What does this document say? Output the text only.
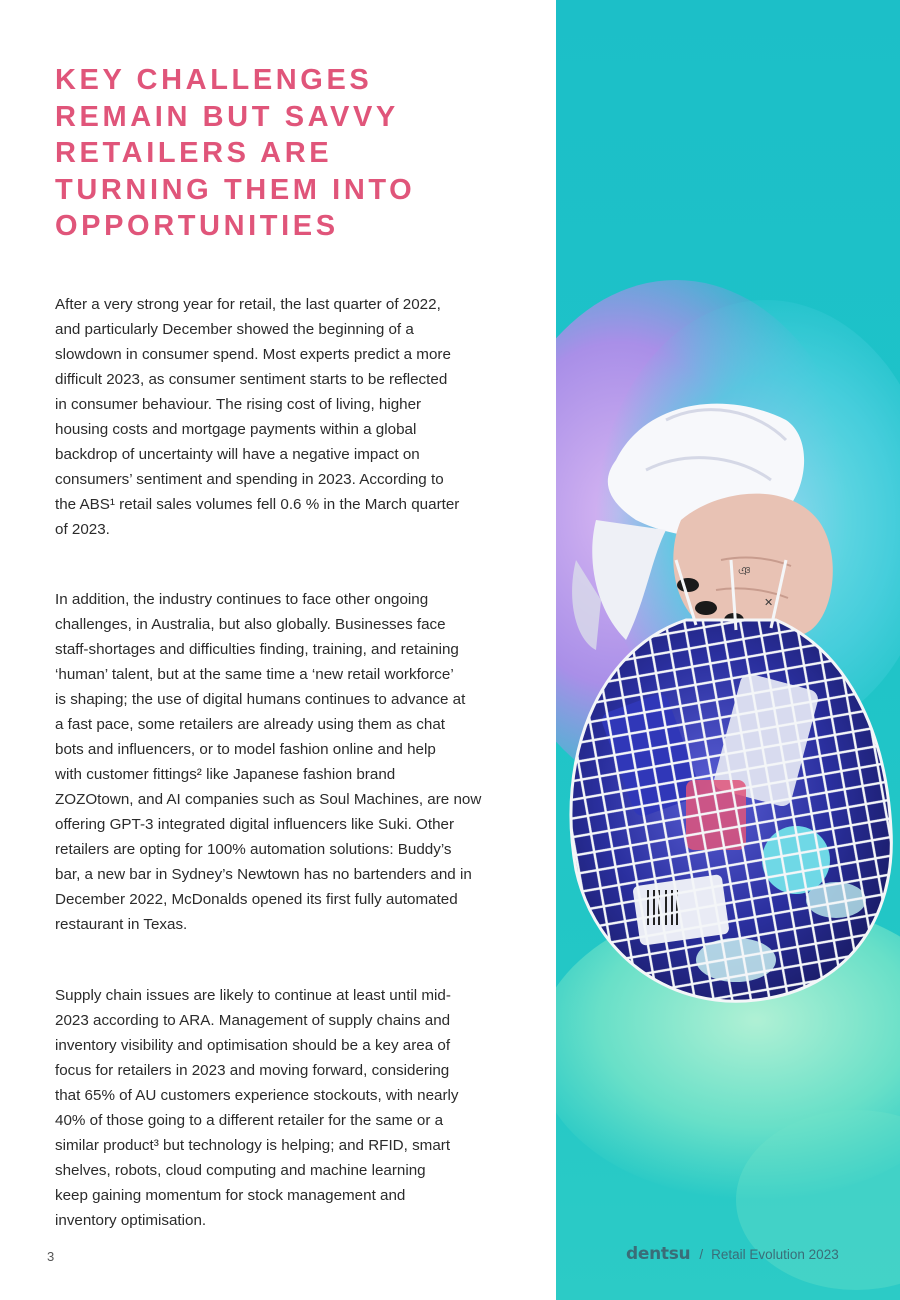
KEY CHALLENGES
REMAIN BUT SAVVY
RETAILERS ARE
TURNING THEM INTO
OPPORTUNITIES

After a very strong year for retail, the last quarter of 2022,
and particularly December showed the beginning of a
slowdown in consumer spend. Most experts predict a more
difficult 2023, as consumer sentiment starts to be reflected
in consumer behaviour. The rising cost of living, higher
housing costs and mortgage payments within a global
backdrop of uncertainty will have a negative impact on
consumers’ sentiment and spending in 2023. According to
the ABS¹ retail sales volumes fell 0.6 % in the March quarter
of 2023.

In addition, the industry continues to face other ongoing
challenges, in Australia, but also globally. Businesses face
staff-shortages and difficulties finding, training, and retaining
‘human’ talent, but at the same time a ‘new retail workforce’
is shaping; the use of digital humans continues to advance at
a fast pace, some retailers are already using them as chat
bots and influencers, or to model fashion online and help
with customer fittings² like Japanese fashion brand
ZOZOtown, and AI companies such as Soul Machines, are now
offering GPT-3 integrated digital influencers like Suki. Other
retailers are opting for 100% automation solutions: Buddy’s
bar, a new bar in Sydney’s Newtown has no bartenders and in
December 2022, McDonalds opened its first fully automated
restaurant in Texas.

Supply chain issues are likely to continue at least until mid-
2023 according to ARA. Management of supply chains and
inventory visibility and optimisation should be a key area of
focus for retailers in 2023 and moving forward, considering
that 65% of AU customers experience stockouts, with nearly
40% of those going to a different retailer for the same or a
similar product³ but technology is helping; and RFID, smart
shelves, robots, cloud computing and machine learning
keep gaining momentum for stock management and
inventory optimisation.

3
ঞ
✕
dentsu / Retail Evolution 2023
